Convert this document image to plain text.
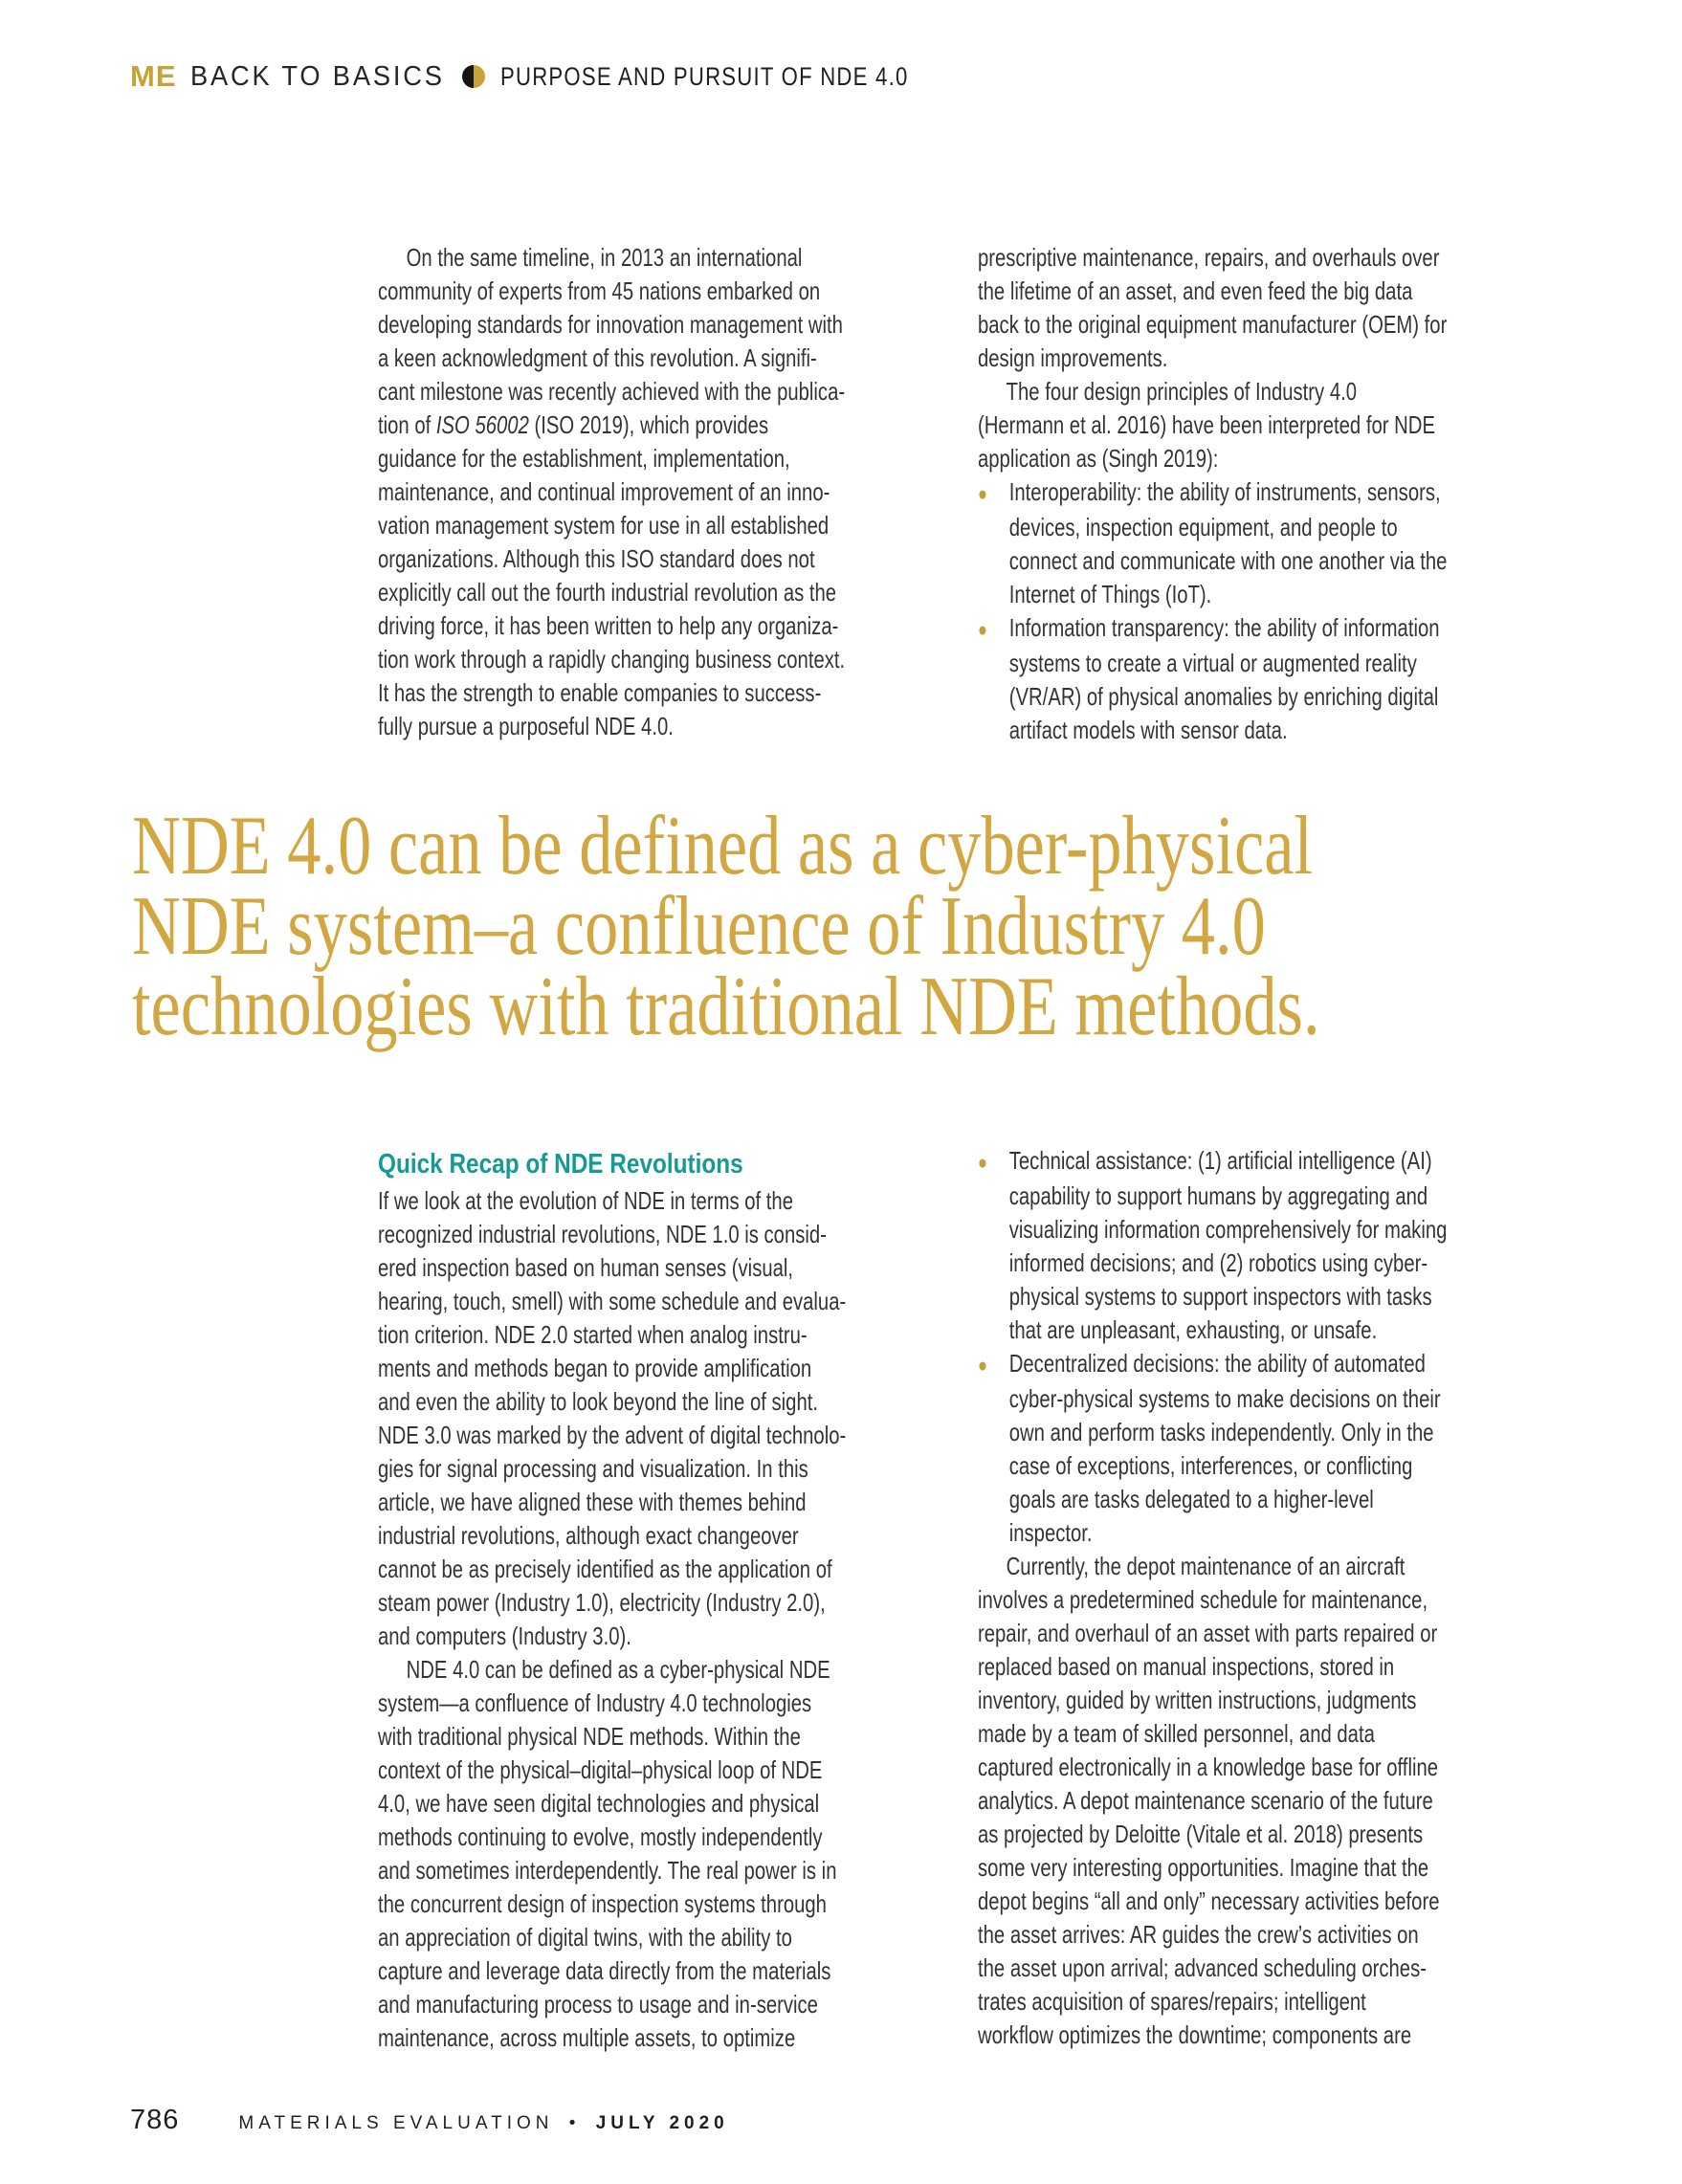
ME BACK TO BASICS PURPOSE AND PURSUIT OF NDE 4.0
On the same timeline, in 2013 an international
community of experts from 45 nations embarked on
developing standards for innovation management with
a keen acknowledgment of this revolution. A signifi-
cant milestone was recently achieved with the publica-
tion of ISO 56002 (ISO 2019), which provides
guidance for the establishment, implementation,
maintenance, and continual improvement of an inno-
vation management system for use in all established
organizations. Although this ISO standard does not
explicitly call out the fourth industrial revolution as the
driving force, it has been written to help any organiza-
tion work through a rapidly changing business context.
It has the strength to enable companies to success-
fully pursue a purposeful NDE 4.0.
prescriptive maintenance, repairs, and overhauls over
the lifetime of an asset, and even feed the big data
back to the original equipment manufacturer (OEM) for
design improvements.
The four design principles of Industry 4.0
(Hermann et al. 2016) have been interpreted for NDE
application as (Singh 2019):
● Interoperability: the ability of instruments, sensors,
devices, inspection equipment, and people to
connect and communicate with one another via the
Internet of Things (IoT).
● Information transparency: the ability of information
systems to create a virtual or augmented reality
(VR/AR) of physical anomalies by enriching digital
artifact models with sensor data.
NDE 4.0 can be defined as a cyber-physical
NDE system–a confluence of Industry 4.0
technologies with traditional NDE methods.
Quick Recap of NDE Revolutions
If we look at the evolution of NDE in terms of the
recognized industrial revolutions, NDE 1.0 is consid-
ered inspection based on human senses (visual,
hearing, touch, smell) with some schedule and evalua-
tion criterion. NDE 2.0 started when analog instru-
ments and methods began to provide amplification
and even the ability to look beyond the line of sight.
NDE 3.0 was marked by the advent of digital technolo-
gies for signal processing and visualization. In this
article, we have aligned these with themes behind
industrial revolutions, although exact changeover
cannot be as precisely identified as the application of
steam power (Industry 1.0), electricity (Industry 2.0),
and computers (Industry 3.0).
NDE 4.0 can be defined as a cyber-physical NDE
system—a confluence of Industry 4.0 technologies
with traditional physical NDE methods. Within the
context of the physical–digital–physical loop of NDE
4.0, we have seen digital technologies and physical
methods continuing to evolve, mostly independently
and sometimes interdependently. The real power is in
the concurrent design of inspection systems through
an appreciation of digital twins, with the ability to
capture and leverage data directly from the materials
and manufacturing process to usage and in-service
maintenance, across multiple assets, to optimize
● Technical assistance: (1) artificial intelligence (AI)
capability to support humans by aggregating and
visualizing information comprehensively for making
informed decisions; and (2) robotics using cyber-
physical systems to support inspectors with tasks
that are unpleasant, exhausting, or unsafe.
● Decentralized decisions: the ability of automated
cyber-physical systems to make decisions on their
own and perform tasks independently. Only in the
case of exceptions, interferences, or conflicting
goals are tasks delegated to a higher-level
inspector.
Currently, the depot maintenance of an aircraft
involves a predetermined schedule for maintenance,
repair, and overhaul of an asset with parts repaired or
replaced based on manual inspections, stored in
inventory, guided by written instructions, judgments
made by a team of skilled personnel, and data
captured electronically in a knowledge base for offline
analytics. A depot maintenance scenario of the future
as projected by Deloitte (Vitale et al. 2018) presents
some very interesting opportunities. Imagine that the
depot begins “all and only” necessary activities before
the asset arrives: AR guides the crew’s activities on
the asset upon arrival; advanced scheduling orches-
trates acquisition of spares/repairs; intelligent
workflow optimizes the downtime; components are
786	MATERIALS EVALUATION • JULY 2020
